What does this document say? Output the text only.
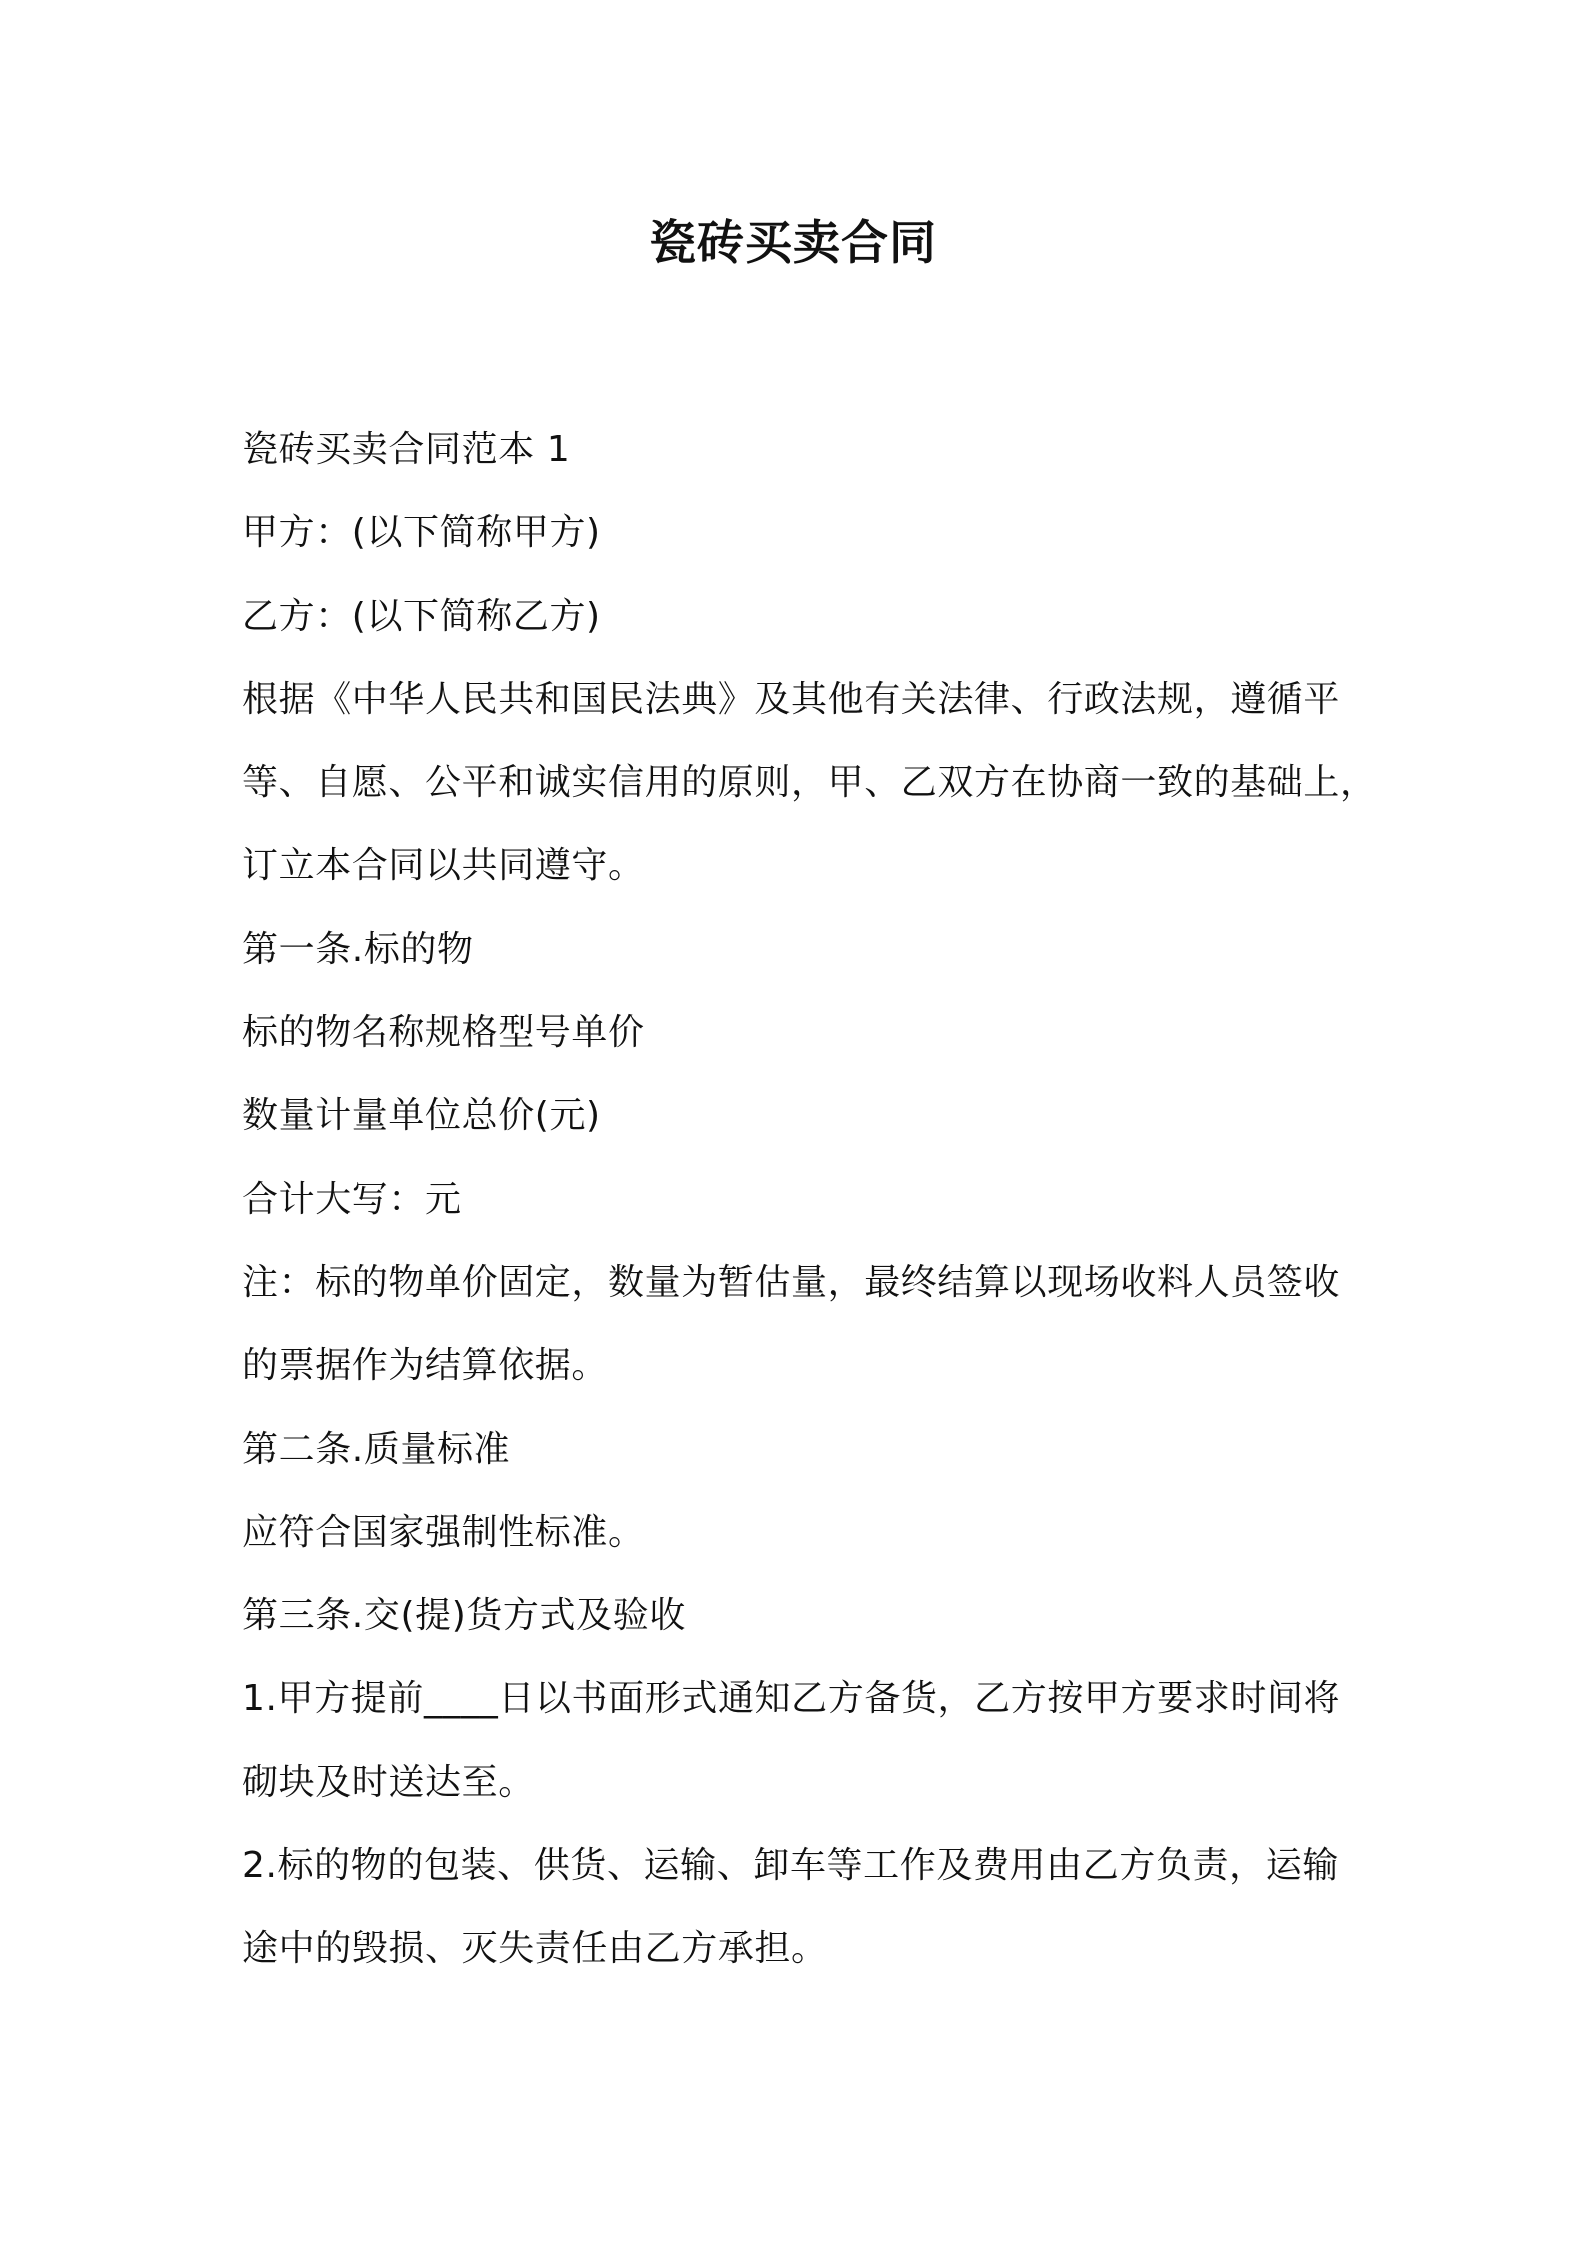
瓷砖买卖合同
瓷砖买卖合同范本 1
甲方：(以下简称甲方)
乙方：(以下简称乙方)
根据《中华人民共和国民法典》及其他有关法律、行政法规，遵循平
等、自愿、公平和诚实信用的原则，甲、乙双方在协商一致的基础上，
订立本合同以共同遵守。
第一条.标的物
标的物名称规格型号单价
数量计量单位总价(元)
合计大写：元
注：标的物单价固定，数量为暂估量，最终结算以现场收料人员签收
的票据作为结算依据。
第二条.质量标准
应符合国家强制性标准。
第三条.交(提)货方式及验收
1.甲方提前____日以书面形式通知乙方备货，乙方按甲方要求时间将
砌块及时送达至。
2.标的物的包装、供货、运输、卸车等工作及费用由乙方负责，运输
途中的毁损、灭失责任由乙方承担。
